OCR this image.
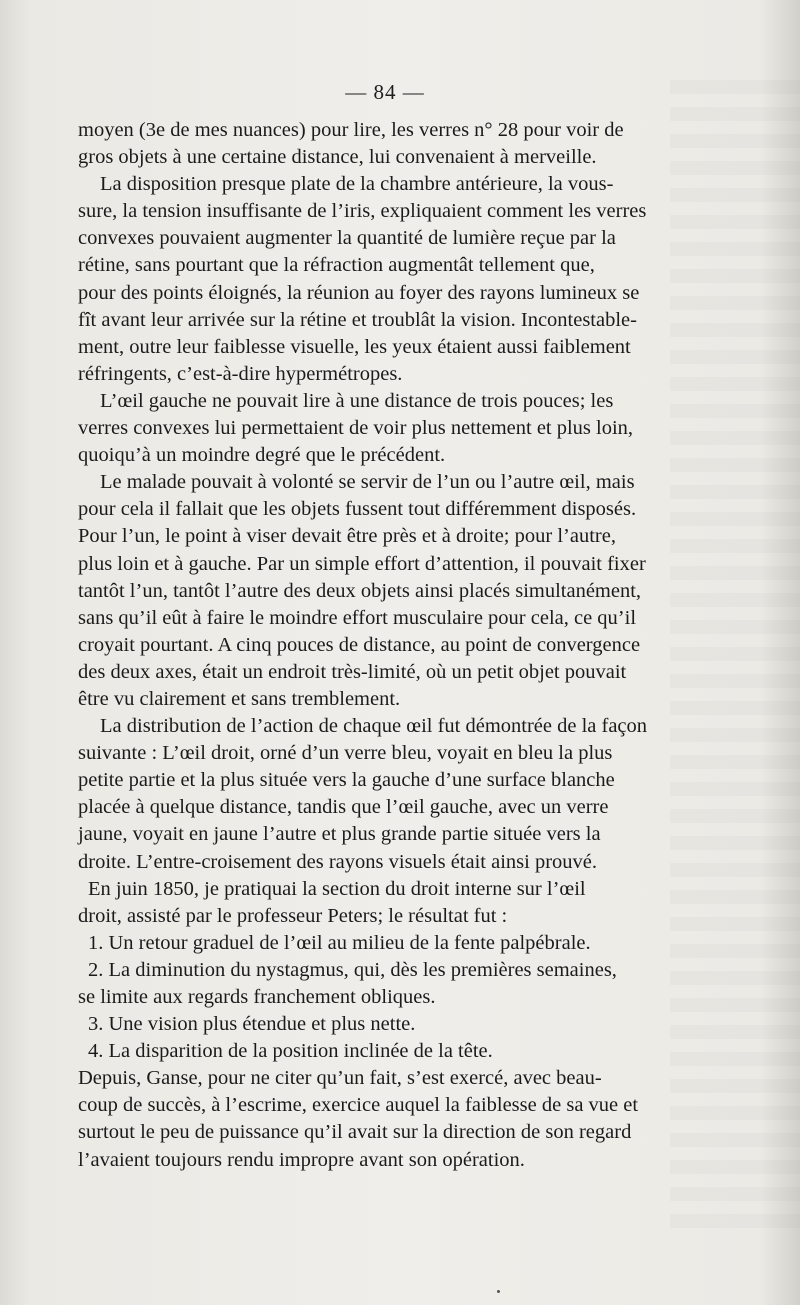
— 84 —
moyen (3e de mes nuances) pour lire, les verres n° 28 pour voir de
gros objets à une certaine distance, lui convenaient à merveille.
La disposition presque plate de la chambre antérieure, la vous-
sure, la tension insuffisante de l’iris, expliquaient comment les verres
convexes pouvaient augmenter la quantité de lumière reçue par la
rétine, sans pourtant que la réfraction augmentât tellement que,
pour des points éloignés, la réunion au foyer des rayons lumineux se
fît avant leur arrivée sur la rétine et troublât la vision. Incontestable-
ment, outre leur faiblesse visuelle, les yeux étaient aussi faiblement
réfringents, c’est-à-dire hypermétropes.
L’œil gauche ne pouvait lire à une distance de trois pouces; les
verres convexes lui permettaient de voir plus nettement et plus loin,
quoiqu’à un moindre degré que le précédent.
Le malade pouvait à volonté se servir de l’un ou l’autre œil, mais
pour cela il fallait que les objets fussent tout différemment disposés.
Pour l’un, le point à viser devait être près et à droite; pour l’autre,
plus loin et à gauche. Par un simple effort d’attention, il pouvait fixer
tantôt l’un, tantôt l’autre des deux objets ainsi placés simultanément,
sans qu’il eût à faire le moindre effort musculaire pour cela, ce qu’il
croyait pourtant. A cinq pouces de distance, au point de convergence
des deux axes, était un endroit très-limité, où un petit objet pouvait
être vu clairement et sans tremblement.
La distribution de l’action de chaque œil fut démontrée de la façon
suivante : L’œil droit, orné d’un verre bleu, voyait en bleu la plus
petite partie et la plus située vers la gauche d’une surface blanche
placée à quelque distance, tandis que l’œil gauche, avec un verre
jaune, voyait en jaune l’autre et plus grande partie située vers la
droite. L’entre-croisement des rayons visuels était ainsi prouvé.
En juin 1850, je pratiquai la section du droit interne sur l’œil
droit, assisté par le professeur Peters; le résultat fut :
1. Un retour graduel de l’œil au milieu de la fente palpébrale.
2. La diminution du nystagmus, qui, dès les premières semaines,
se limite aux regards franchement obliques.
3. Une vision plus étendue et plus nette.
4. La disparition de la position inclinée de la tête.
Depuis, Ganse, pour ne citer qu’un fait, s’est exercé, avec beau-
coup de succès, à l’escrime, exercice auquel la faiblesse de sa vue et
surtout le peu de puissance qu’il avait sur la direction de son regard
l’avaient toujours rendu impropre avant son opération.
